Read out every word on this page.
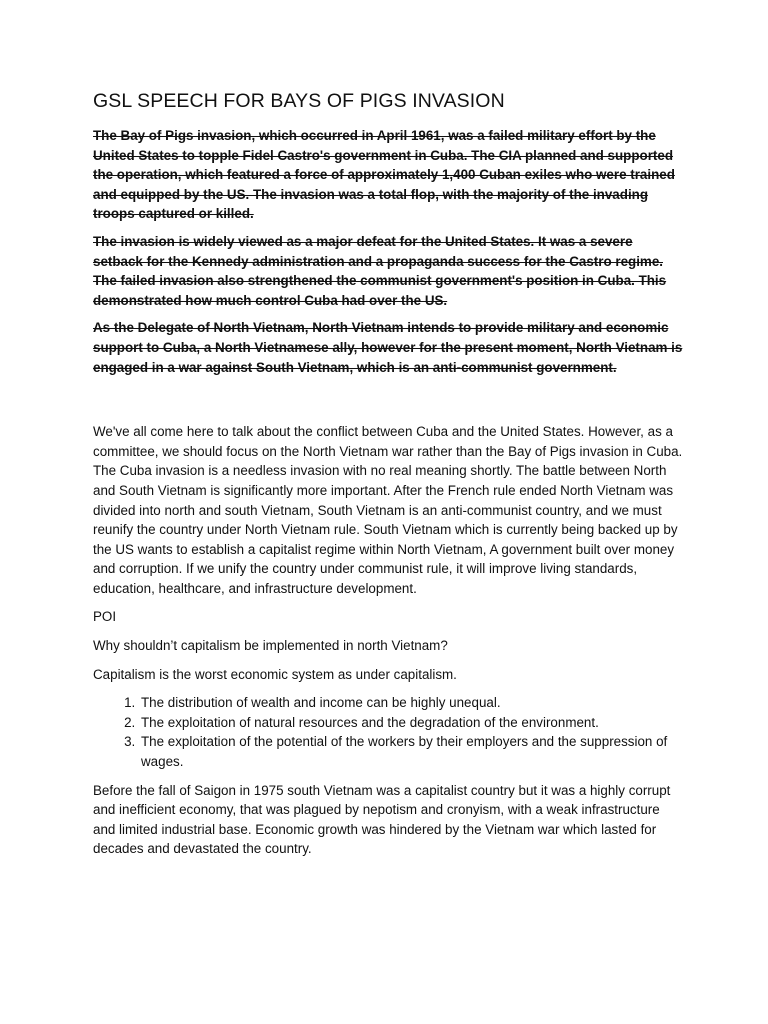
GSL SPEECH FOR BAYS OF PIGS INVASION

The Bay of Pigs invasion, which occurred in April 1961, was a failed military effort by the United States to topple Fidel Castro's government in Cuba. The CIA planned and supported the operation, which featured a force of approximately 1,400 Cuban exiles who were trained and equipped by the US. The invasion was a total flop, with the majority of the invading troops captured or killed.

The invasion is widely viewed as a major defeat for the United States. It was a severe setback for the Kennedy administration and a propaganda success for the Castro regime. The failed invasion also strengthened the communist government's position in Cuba. This demonstrated how much control Cuba had over the US.

As the Delegate of North Vietnam, North Vietnam intends to provide military and economic support to Cuba, a North Vietnamese ally, however for the present moment, North Vietnam is engaged in a war against South Vietnam, which is an anti-communist government.

We've all come here to talk about the conflict between Cuba and the United States. However, as a committee, we should focus on the North Vietnam war rather than the Bay of Pigs invasion in Cuba. The Cuba invasion is a needless invasion with no real meaning shortly. The battle between North and South Vietnam is significantly more important. After the French rule ended North Vietnam was divided into north and south Vietnam, South Vietnam is an anti-communist country, and we must reunify the country under North Vietnam rule. South Vietnam which is currently being backed up by the US wants to establish a capitalist regime within North Vietnam, A government built over money and corruption. If we unify the country under communist rule, it will improve living standards, education, healthcare, and infrastructure development.

POI

Why shouldn’t capitalism be implemented in north Vietnam?

Capitalism is the worst economic system as under capitalism.

1. The distribution of wealth and income can be highly unequal.
2. The exploitation of natural resources and the degradation of the environment.
3. The exploitation of the potential of the workers by their employers and the suppression of wages.

Before the fall of Saigon in 1975 south Vietnam was a capitalist country but it was a highly corrupt and inefficient economy, that was plagued by nepotism and cronyism, with a weak infrastructure and limited industrial base. Economic growth was hindered by the Vietnam war which lasted for decades and devastated the country.
